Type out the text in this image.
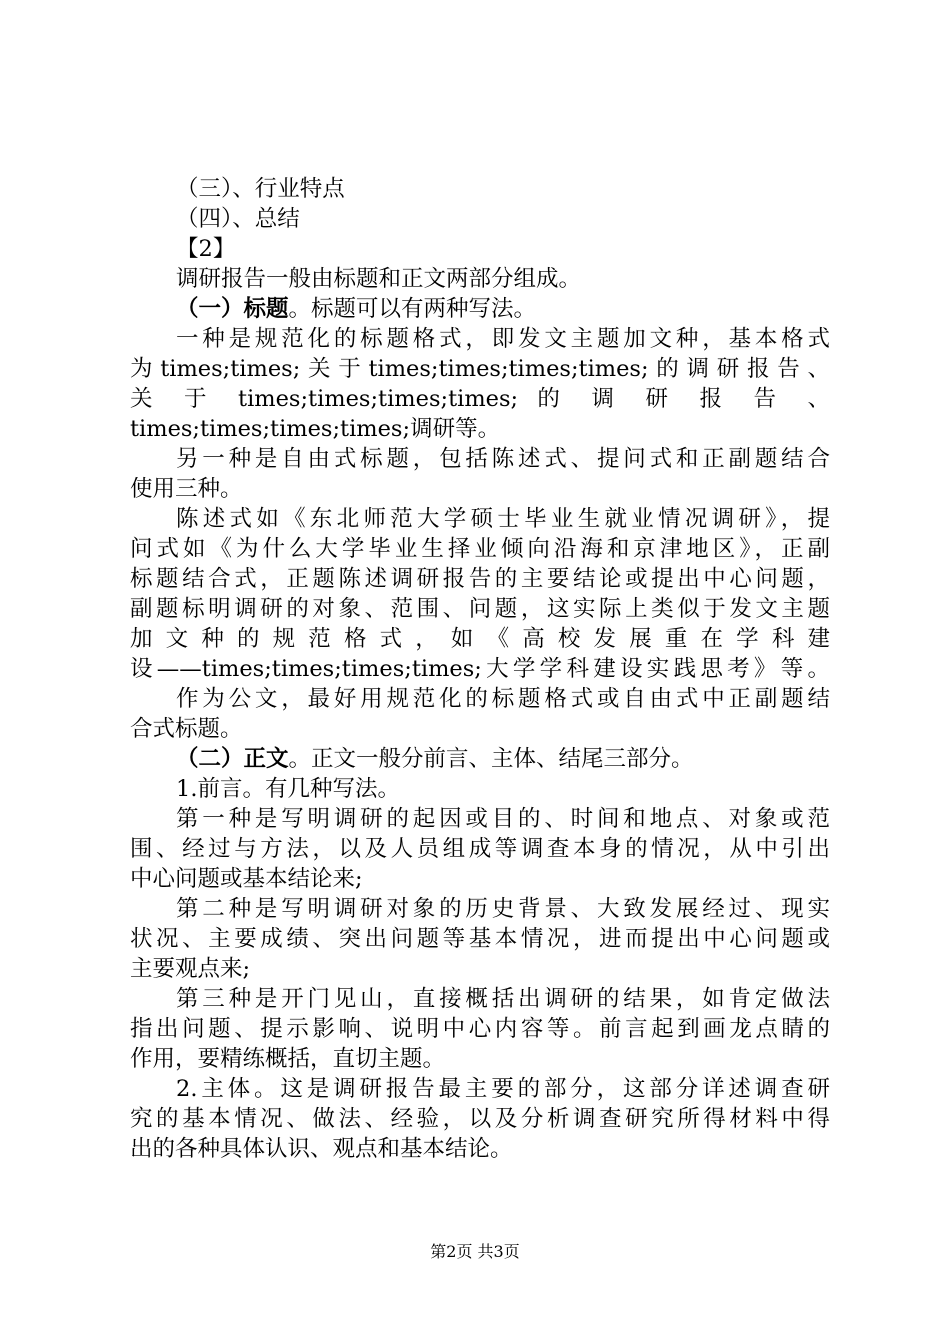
（三）、行业特点
（四）、总结
【2】
调研报告一般由标题和正文两部分组成。
（一）标题。标题可以有两种写法。
一种是规范化的标题格式，即发文主题加文种，基本格式
为times;times;关于times;times;times;times;的调研报告、
关 于 times;times;times;times; 的 调 研 报 告 、
times;times;times;times;调研等。
另一种是自由式标题，包括陈述式、提问式和正副题结合
使用三种。
陈述式如《东北师范大学硕士毕业生就业情况调研》，提
问式如《为什么大学毕业生择业倾向沿海和京津地区》，正副
标题结合式，正题陈述调研报告的主要结论或提出中心问题，
副题标明调研的对象、范围、问题，这实际上类似于发文主题
加文种的规范格式，如《高校发展重在学科建
设——times;times;times;times;大学学科建设实践思考》等。
作为公文，最好用规范化的标题格式或自由式中正副题结
合式标题。
（二）正文。正文一般分前言、主体、结尾三部分。
1.前言。有几种写法。
第一种是写明调研的起因或目的、时间和地点、对象或范
围、经过与方法，以及人员组成等调查本身的情况，从中引出
中心问题或基本结论来;
第二种是写明调研对象的历史背景、大致发展经过、现实
状况、主要成绩、突出问题等基本情况，进而提出中心问题或
主要观点来;
第三种是开门见山，直接概括出调研的结果，如肯定做法
指出问题、提示影响、说明中心内容等。前言起到画龙点睛的
作用，要精练概括，直切主题。
2.主体。这是调研报告最主要的部分，这部分详述调查研
究的基本情况、做法、经验，以及分析调查研究所得材料中得
出的各种具体认识、观点和基本结论。
第2页 共3页
